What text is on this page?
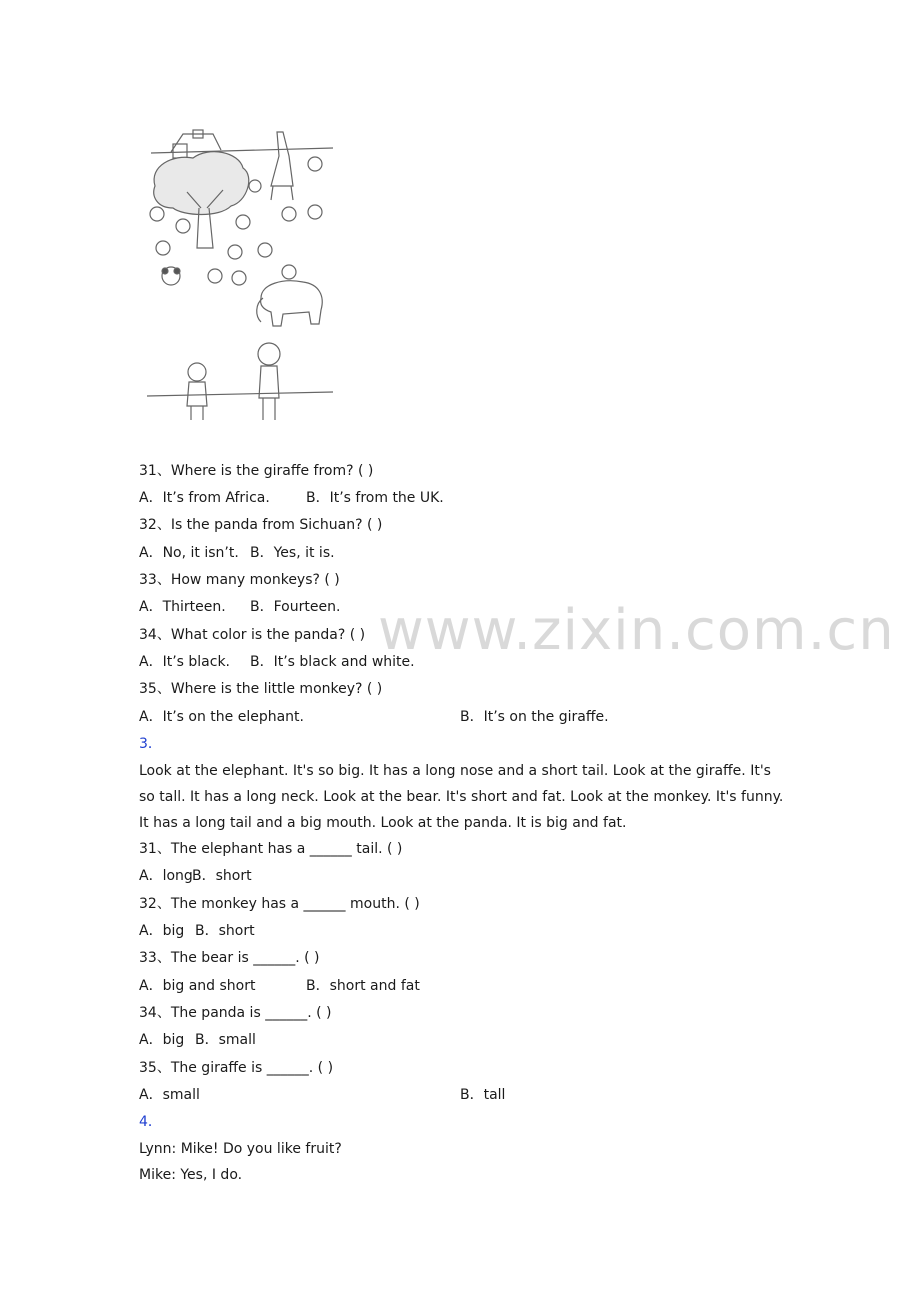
www.zixin.com.cn
31、Where is the giraffe from? ( )
A．It’s from Africa.	B．It’s from the UK.
32、Is the panda from Sichuan? ( )
A．No, it isn’t. B．Yes, it is.
33、How many monkeys? ( )
A．Thirteen. B．Fourteen.
34、What color is the panda? ( )
A．It’s black. B．It’s black and white.
35、Where is the little monkey? ( )
A．It’s on the elephant.	B．It’s on the giraffe.
3．
Look at the elephant. It's so big. It has a long nose and a short tail. Look at the giraffe. It's so tall. It has a long neck. Look at the bear. It's short and fat. Look at the monkey. It's funny. It has a long tail and a big mouth. Look at the panda. It is big and fat.
31、The elephant has a ______ tail. ( )
A．long B．short
32、The monkey has a ______ mouth. ( )
A．big B．short
33、The bear is ______. ( )
A．big and short	B．short and fat
34、The panda is ______. ( )
A．big B．small
35、The giraffe is ______. ( )
A．small	B．tall
4．
Lynn: Mike! Do you like fruit?
Mike: Yes, I do.
